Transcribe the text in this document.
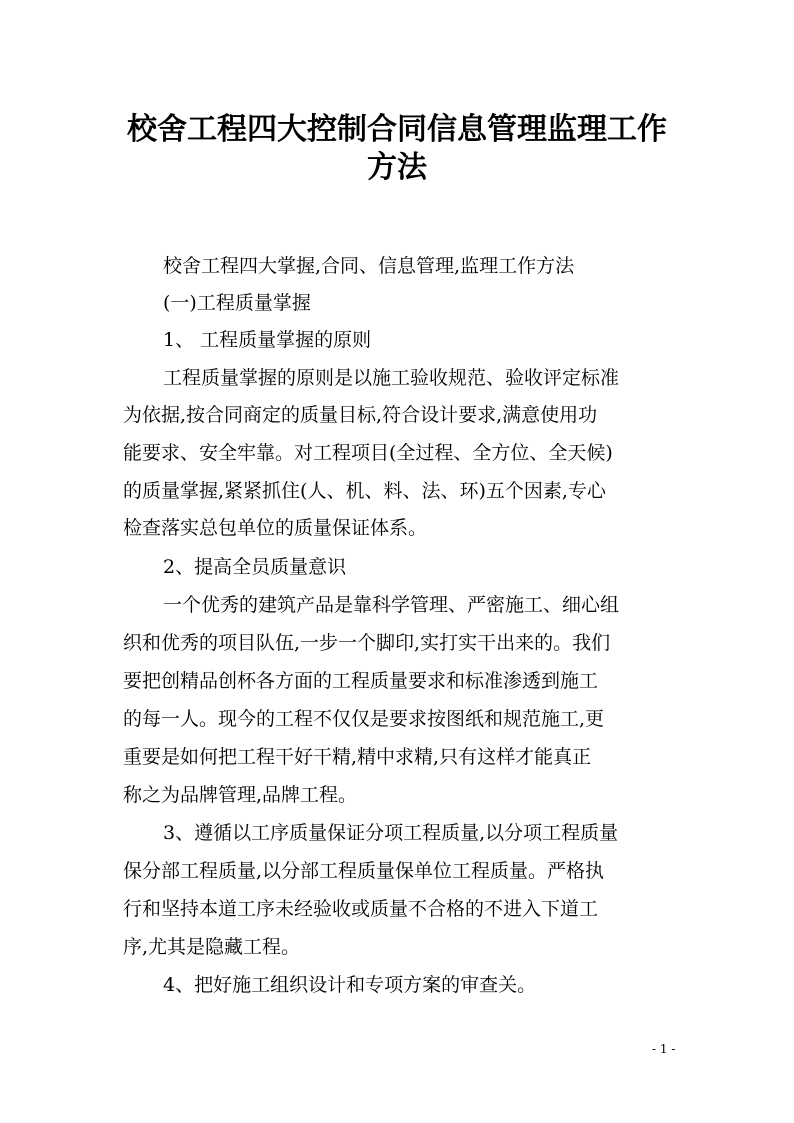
校舍工程四大控制合同信息管理监理工作
方法
校舍工程四大掌握,合同、信息管理,监理工作方法
(一)工程质量掌握
1、 工程质量掌握的原则
工程质量掌握的原则是以施工验收规范、验收评定标准
为依据,按合同商定的质量目标,符合设计要求,满意使用功
能要求、安全牢靠。对工程项目(全过程、全方位、全天候)
的质量掌握,紧紧抓住(人、机、料、法、环)五个因素,专心
检查落实总包单位的质量保证体系。
2、提高全员质量意识
一个优秀的建筑产品是靠科学管理、严密施工、细心组
织和优秀的项目队伍,一步一个脚印,实打实干出来的。我们
要把创精品创杯各方面的工程质量要求和标准渗透到施工
的每一人。现今的工程不仅仅是要求按图纸和规范施工,更
重要是如何把工程干好干精,精中求精,只有这样才能真正
称之为品牌管理,品牌工程。
3、遵循以工序质量保证分项工程质量,以分项工程质量
保分部工程质量,以分部工程质量保单位工程质量。严格执
行和坚持本道工序未经验收或质量不合格的不进入下道工
序,尤其是隐藏工程。
4、把好施工组织设计和专项方案的审查关。
- 1 -
